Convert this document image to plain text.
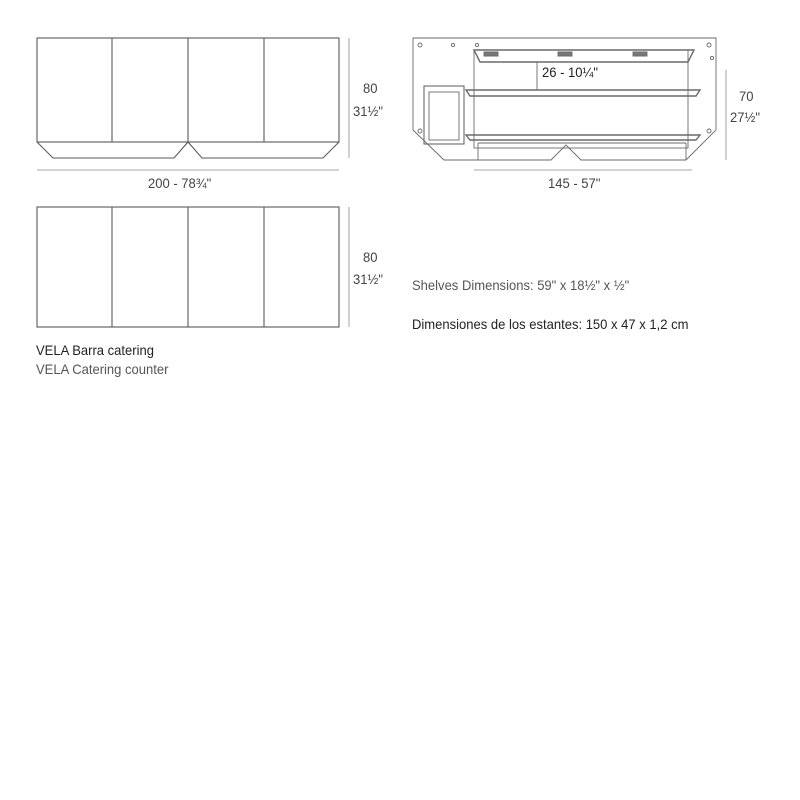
200 - 78¾"
80
31½"
80
31½"
26 - 10¼"
70
27½"
145 - 57"
Shelves Dimensions: 59" x 18½" x ½"
Dimensiones de los estantes: 150 x 47 x 1,2 cm
VELA Barra catering
VELA Catering counter
